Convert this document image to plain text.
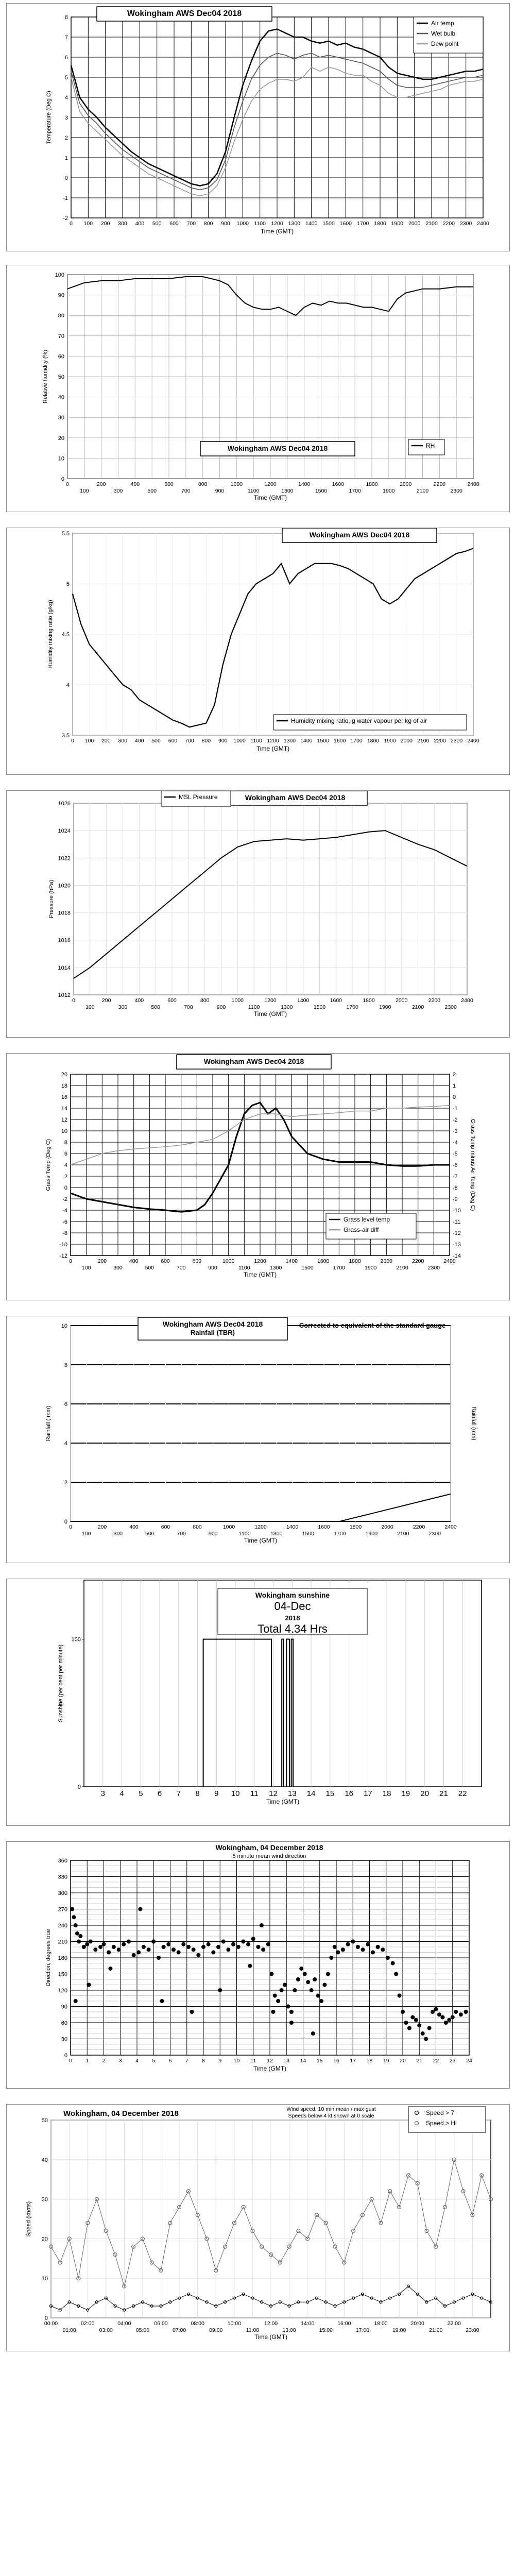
-2
-1
0
1
2
3
4
5
6
7
8
0 100 200 300 400 500 600 700 800 900 1000 1100 1200 1300 1400 1500 1600 1700 1800 1900 2000 2100 2200 2300 2400
Time (GMT)
Temperature (Deg C)
Wokingham AWS Dec04 2018
Air temp
Wet bulb
Dew point
0
10
20
30
40
50
60
70
80
90
100
0	200	400	600	800	1000	1200	1400	1600	1800	2000	2200	2400
100	300	500	700	900	1100	1300	1500	1700	1900	2100	2300
Time (GMT)
Relative humidity (%)
Wokingham AWS Dec04 2018	RH
3.5
4
4.5
5
5.5
0 100 200 300 400 500 600 700 800 900 1000 1100 1200 1300 1400 1500 1600 1700 1800 1900 2000 2100 2200 2300 2400
Time (GMT)
Humidity mixing ratio (g/kg)
Wokingham AWS Dec04 2018
Humidity mixing ratio, g water vapour per kg of air
1012
1014
1016
1018
1020
1022
1024
1026
0	200	400	600	800	1000	1200	1400	1600	1800	2000	2200	2400
100	300	500	700	900	1100	1300	1500	1700	1900	2100	2300
Time (GMT)
Pressure (hPa)
Wokingham AWS Dec04 2018
MSL Pressure
-12
-10
-8
-6
-4
-2
0
2
4
6
8
10
12
14
16
18
20
-14
-13
-12
-11
-10
-9
-8
-7
-6
-5
-4
-3
-2
-1
0
1
2
0	200	400	600	800	1000	1200	1400	1600	1800	2000	2200	2400
100	300	500	700	900	1100	1300	1500	1700	1900	2100	2300
Time (GMT)
Grass Temp (Deg C)	Grass Temp minus Air Temp (Deg C)
Wokingham AWS Dec04 2018
Grass level temp
Grass-air diff
0
2
4
6
8
10
0	200	400	600	800	1000	1200	1400	1600	1800	2000	2200	2400
100	300	500	700	900	1100	1300	1500	1700	1900	2100	2300
Time (GMT)
Rainfall ( mm)	Rainfall (mm)
Wokingham AWS Dec04 2018
Rainfall (TBR)
Corrected to equivalent of the standard gauge
3 4 5 6 7 8 9 10 11 12 13 14 15 16 17 18 19 20 21 22
0
100
Wokingham sunshine
04-Dec
2018
Total 4.34 Hrs
Time (GMT)
Sunshine (per cent per minute)
0
30
60
90
120
150
180
210
240
270
300
330
360
0	1	2	3	4	5	6	7	8	9 10 11 12 13 14 15 16 17 18 19 20 21 22 23 24
Time (GMT)
Direction, degrees true
Wokingham, 04 December 2018
5 minute mean wind direction
0
10
20
30
40
50
00:00	02:00	04:00	06:00	08:00	10:00	12:00	14:00	16:00	18:00	20:00	22:00
01:00	03:00	05:00	07:00	09:00	11:00	13:00	15:00	17:00	19:00	21:00	23:00
Time (GMT)
Speed (knots)
Wokingham, 04 December 2018	Wind speed, 10 min mean / max gust
Speeds below 4 kt shown at 0 scale	Speed > 7
Speed > Hi
